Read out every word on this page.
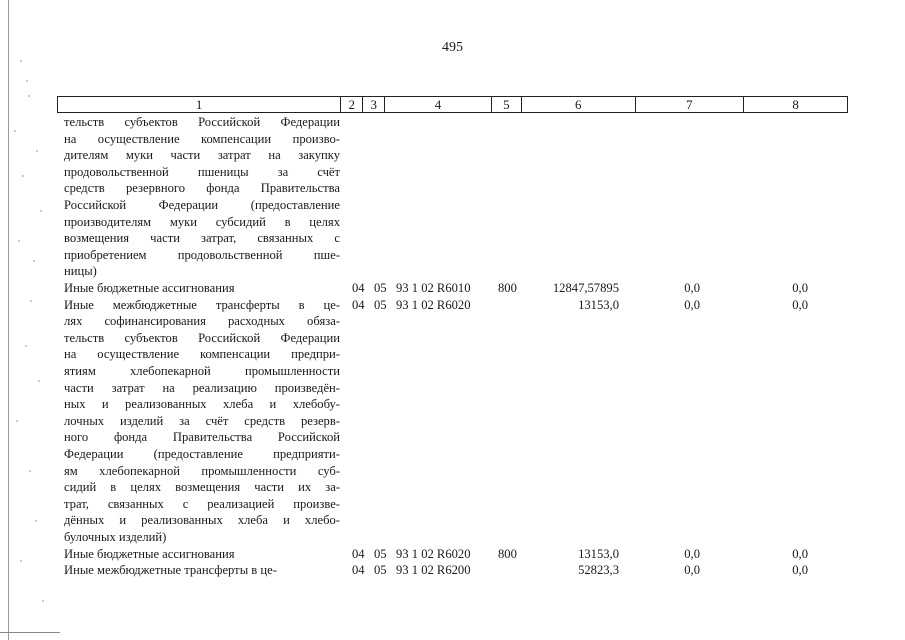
495
1	2	3	4	5	6	7	8
тельств субъектов Российской Федерации
на осуществление компенсации произво-
дителям муки части затрат на закупку
продовольственной пшеницы за счёт
средств резервного фонда Правительства
Российской Федерации (предоставление
производителям муки субсидий в целях
возмещения части затрат, связанных с
приобретением продовольственной пше-
ницы)
Иные бюджетные ассигнования	04 05 93 1 02 R6010 800	12847,57895	0,0	0,0
Иные межбюджетные трансферты в це-
лях софинансирования расходных обяза-
тельств субъектов Российской Федерации
на осуществление компенсации предпри-
ятиям хлебопекарной промышленности
части затрат на реализацию произведён-
ных и реализованных хлеба и хлебобу-
лочных изделий за счёт средств резерв-
ного фонда Правительства Российской
Федерации (предоставление предприяти-
ям хлебопекарной промышленности суб-
сидий в целях возмещения части их за-
трат, связанных с реализацией произве-
дённых и реализованных хлеба и хлебо-
булочных изделий)
04 05 93 1 02 R6020	13153,0	0,0	0,0
Иные бюджетные ассигнования	04 05 93 1 02 R6020 800	13153,0	0,0	0,0
Иные межбюджетные трансферты в це-	04 05 93 1 02 R6200	52823,3	0,0	0,0
